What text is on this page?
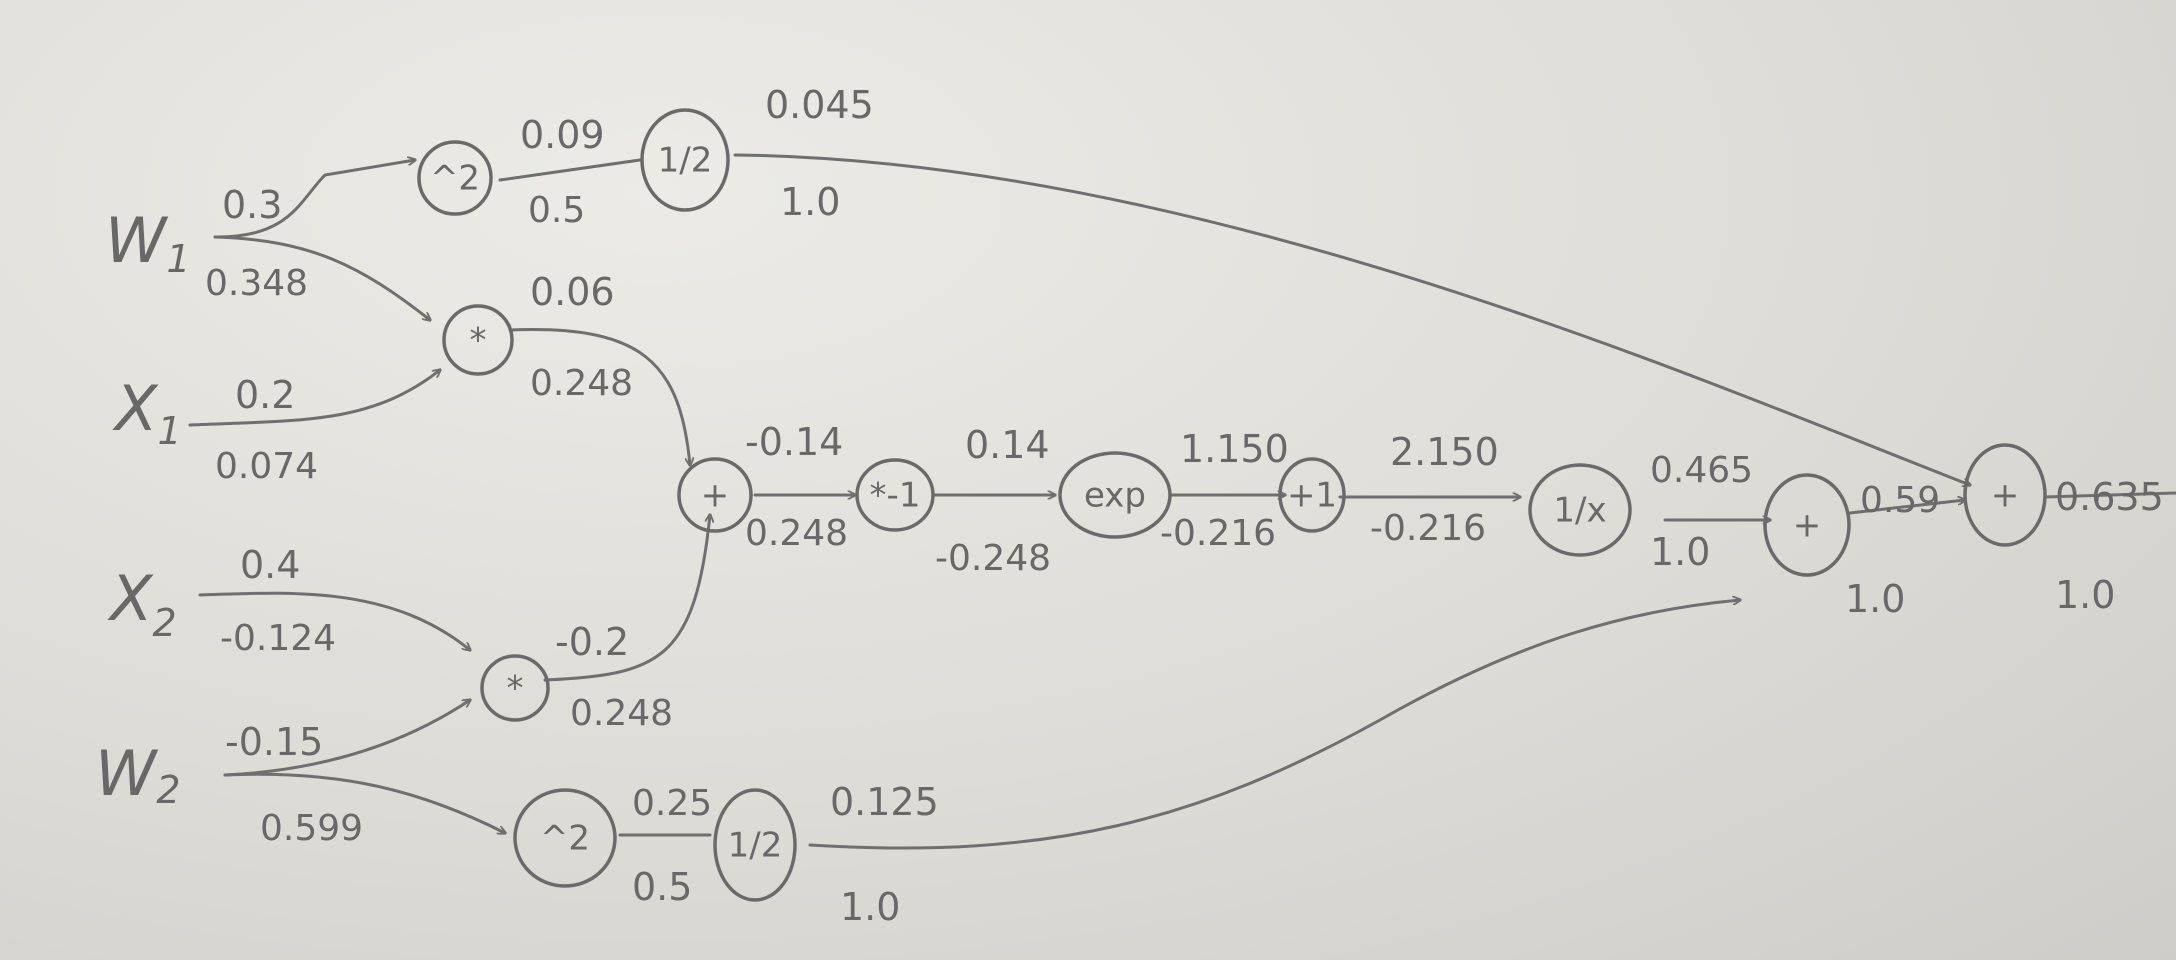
^2	1/2
*
*
+	*-1	exp	+1	1/x	+
+
^2	1/2
W1
$X_1$
$X_2$
W2
0.3
0.348
0.2
0.074
0.4
-0.124
-0.15
0.599
0.09
0.5
0.045
1.0
0.06
0.248
-0.2
0.248
-0.14
0.248
0.14
-0.248
1.150
-0.216
2.150
-0.216
0.465
1.0
0.59
1.0
0.635
1.0
0.25
0.5
0.125
1.0
